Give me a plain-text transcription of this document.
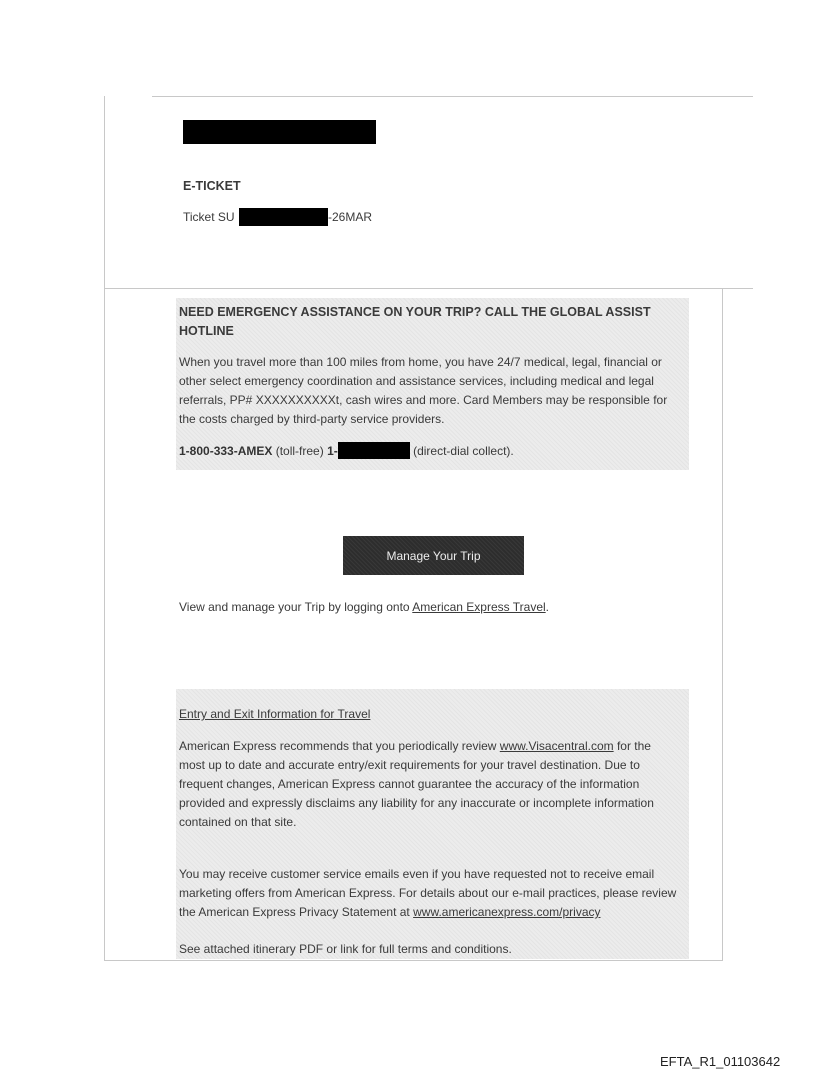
E-TICKET
Ticket SU	-26MAR
NEED EMERGENCY ASSISTANCE ON YOUR TRIP? CALL THE GLOBAL ASSIST
HOTLINE
When you travel more than 100 miles from home, you have 24/7 medical, legal, financial or
other select emergency coordination and assistance services, including medical and legal
referrals, PP# XXXXXXXXXXt, cash wires and more. Card Members may be responsible for
the costs charged by third-party service providers.
1-800-333-AMEX (toll-free) 1-	(direct-dial collect).
Manage Your Trip
View and manage your Trip by logging onto American Express Travel.
Entry and Exit Information for Travel
American Express recommends that you periodically review www.Visacentral.com for the
most up to date and accurate entry/exit requirements for your travel destination. Due to
frequent changes, American Express cannot guarantee the accuracy of the information
provided and expressly disclaims any liability for any inaccurate or incomplete information
contained on that site.
You may receive customer service emails even if you have requested not to receive email
marketing offers from American Express. For details about our e-mail practices, please review
the American Express Privacy Statement at www.americanexpress.com/privacy
See attached itinerary PDF or link for full terms and conditions.
EFTA_R1_01103642
